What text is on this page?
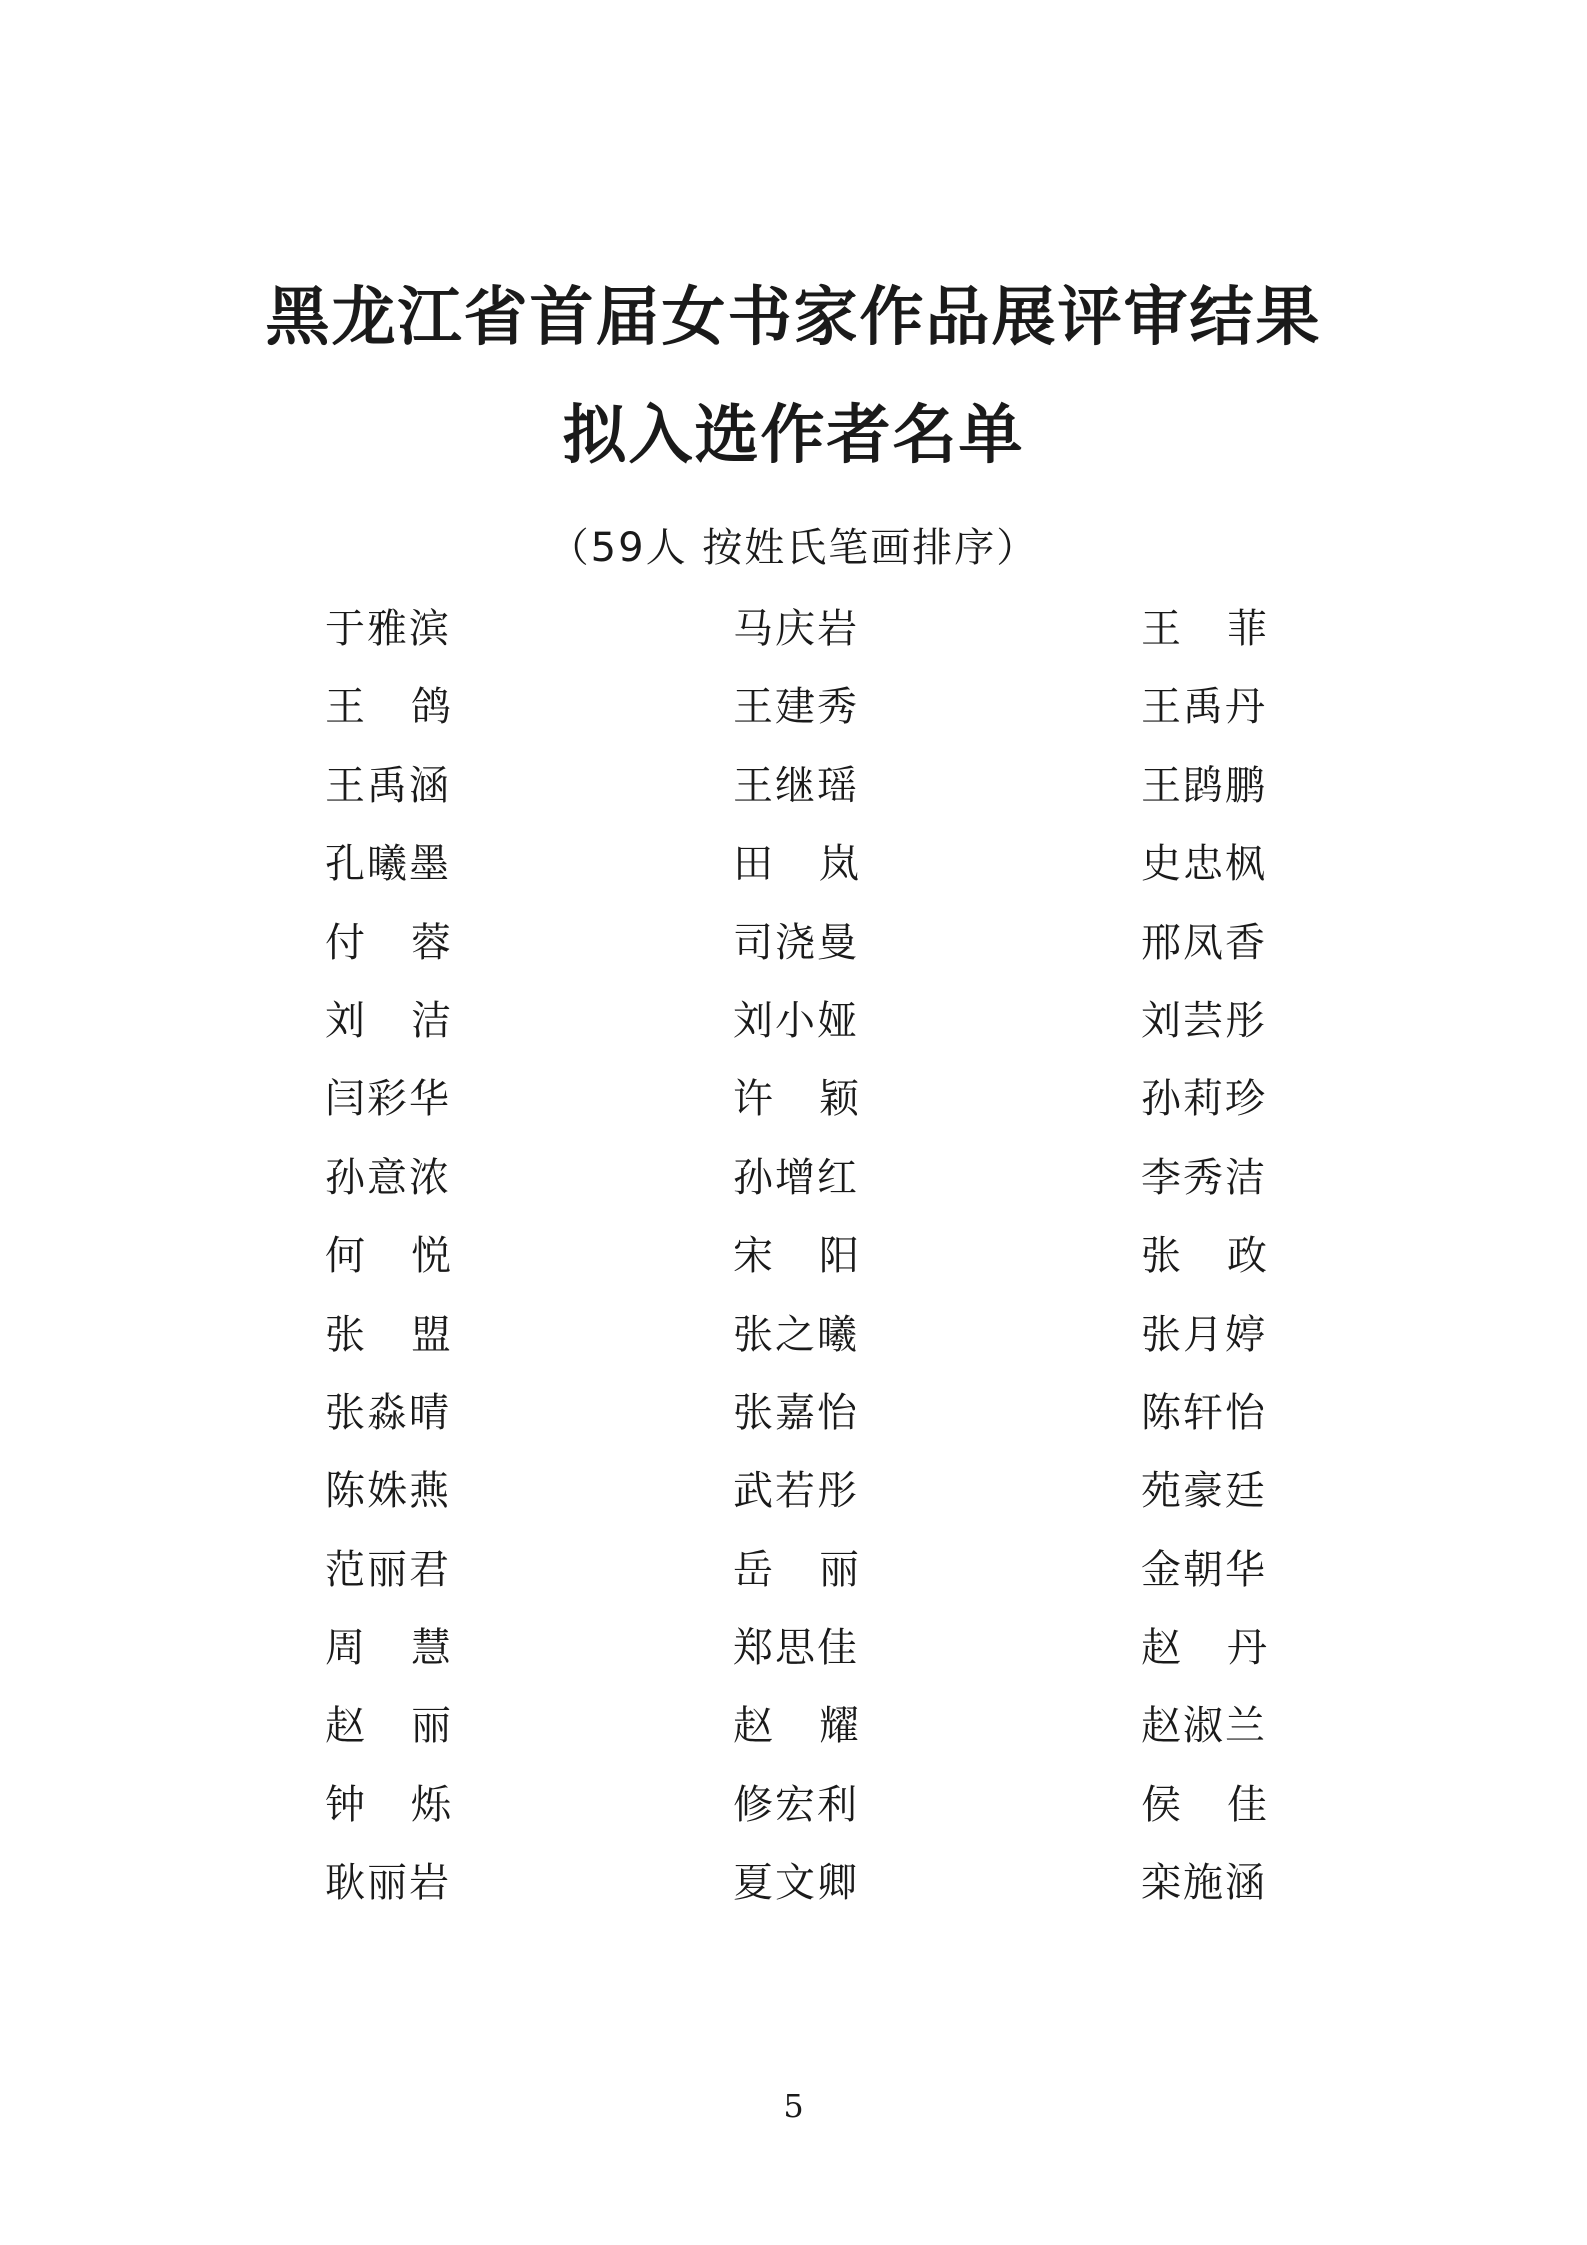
黑龙江省首届女书家作品展评审结果
拟入选作者名单
（59人 按姓氏笔画排序）
于雅滨	马庆岩	王 菲
王 鸽	王建秀	王禹丹
王禹涵	王继瑶	王鹍鹏
孔曦墨	田 岚	史忠枫
付 蓉	司浇曼	邢凤香
刘 洁	刘小娅	刘芸彤
闫彩华	许 颖	孙莉珍
孙意浓	孙增红	李秀洁
何 悦	宋 阳	张 政
张 盟	张之曦	张月婷
张淼晴	张嘉怡	陈轩怡
陈姝燕	武若彤	苑豪廷
范丽君	岳 丽	金朝华
周 慧	郑思佳	赵 丹
赵 丽	赵 耀	赵淑兰
钟 烁	修宏利	侯 佳
耿丽岩	夏文卿	栾施涵
5
